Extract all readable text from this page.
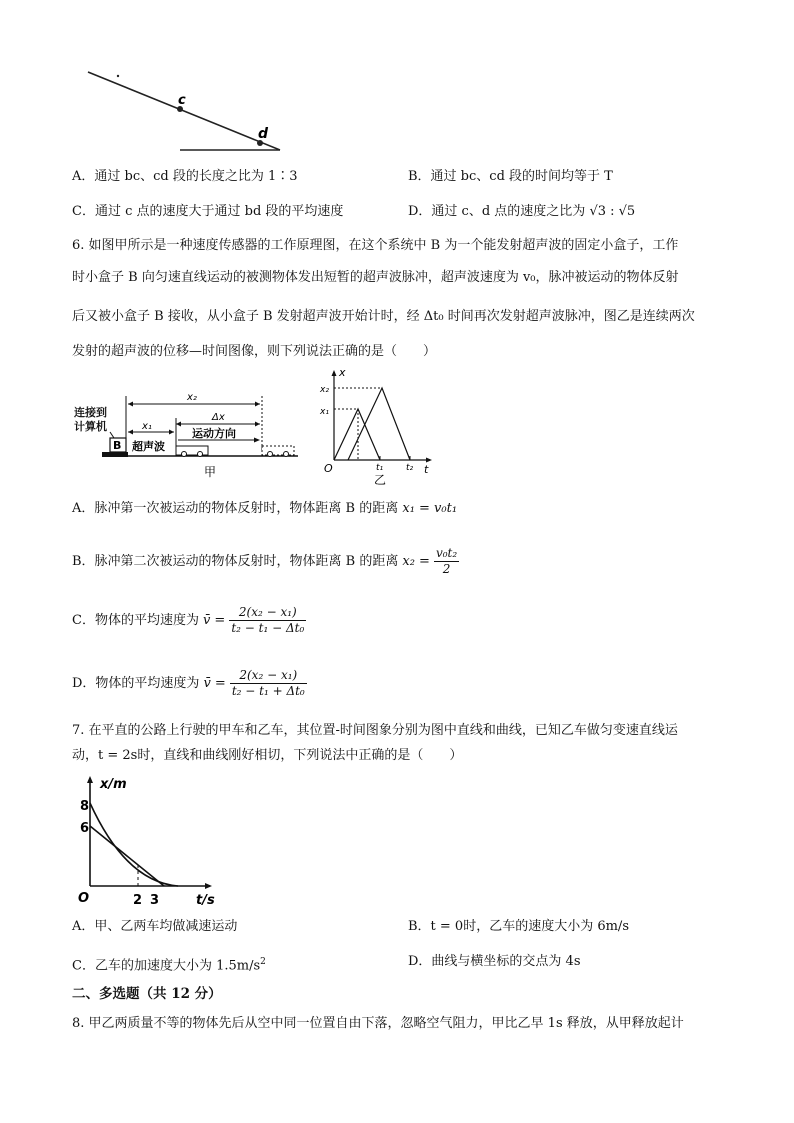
c
d
A．通过 bc、cd 段的长度之比为 1∶3	B．通过 bc、cd 段的时间均等于 T
C．通过 c 点的速度大于通过 bd 段的平均速度	D．通过 c、d 点的速度之比为 √3 : √5
6. 如图甲所示是一种速度传感器的工作原理图，在这个系统中 B 为一个能发射超声波的固定小盒子，工作
时小盒子 B 向匀速直线运动的被测物体发出短暂的超声波脉冲，超声波速度为 v₀，脉冲被运动的物体反射
后又被小盒子 B 接收，从小盒子 B 发射超声波开始计时，经 Δt₀ 时间再次发射超声波脉冲，图乙是连续两次
发射的超声波的位移—时间图像，则下列说法正确的是（　　）
连接到
计算机
B
x₂
Δx
x₁
运动方向
超声波
甲
x
t
O
x₂
x₁
t₁	t₂
乙
A．脉冲第一次被运动的物体反射时，物体距离 B 的距离 x₁ = v₀t₁
B．脉冲第二次被运动的物体反射时，物体距离 B 的距离 $x_2 = \frac{\text{v₀t₂}}{2}$
C．物体的平均速度为 v̄ = $\frac{\text{2(x₂ − x₁)}}{\text{t₂ − t₁ − Δt₀}}$
D．物体的平均速度为 v̄ = $\frac{\text{2(x₂ − x₁)}}{\text{t₂ − t₁ + Δt₀}}$
7. 在平直的公路上行驶的甲车和乙车，其位置-时间图象分别为图中直线和曲线，已知乙车做匀变速直线运
动，t = 2s时，直线和曲线刚好相切，下列说法中正确的是（　　）
x/m
t/s
O
8
6
2 3
A．甲、乙两车均做减速运动	B．t = 0时，乙车的速度大小为 6m/s
C．乙车的加速度大小为 $1.5m/s^2$	D．曲线与横坐标的交点为 4s
二、多选题（共 12 分）
8. 甲乙两质量不等的物体先后从空中同一位置自由下落，忽略空气阻力，甲比乙早 1s 释放，从甲释放起计
